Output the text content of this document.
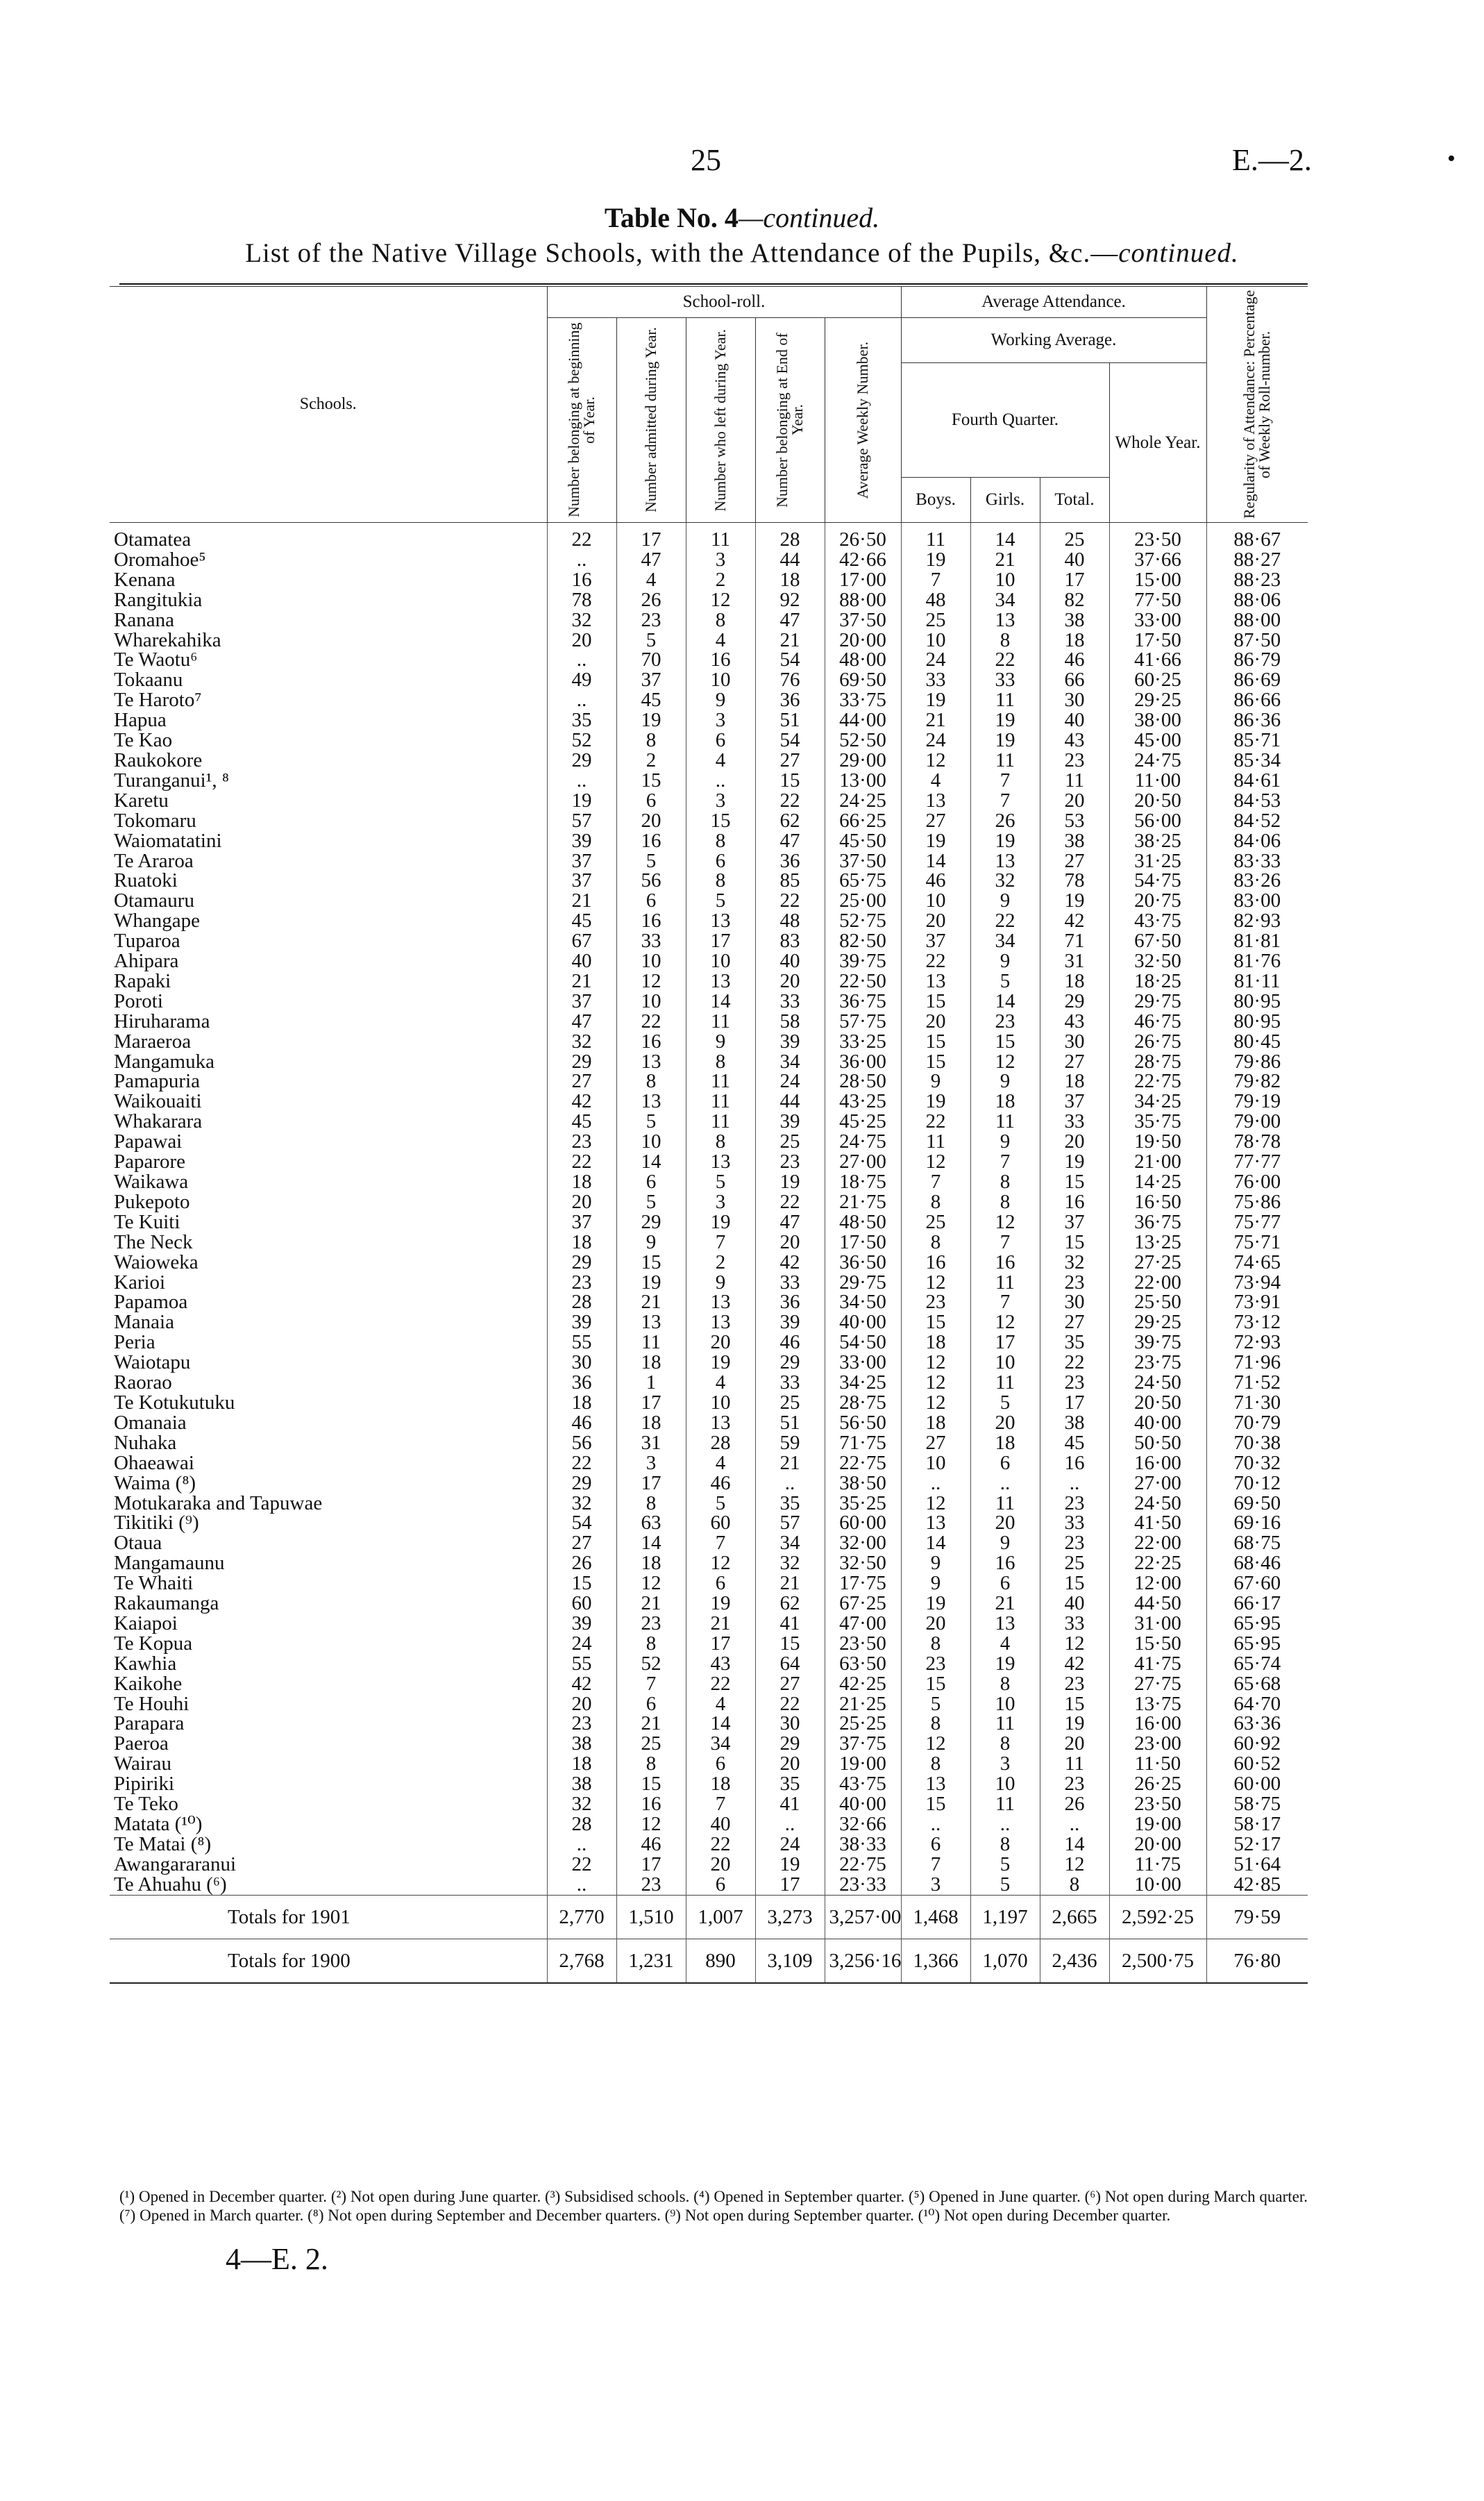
25	E.—2.	•
Table No. 4—continued.
List of the Native Village Schools, with the Attendance of the Pupils, &c.—continued.
Schools.	School-roll.					Average Attendance.				Regularity of Attendance: Percentage of Weekly Roll-number.

	Number belonging at beginning of Year.	Number admitted during Year.	Number who left during Year.	Number belonging at End of Year.	Average Weekly Number.	Working Average.				
						Fourth Quarter.			Whole Year.	
						Boys.	Girls.	Total.		
Otamatea	22	17	11	28	26·50	11	14	25	23·50	88·67
Oromahoe⁵	..	47	3	44	42·66	19	21	40	37·66	88·27
Kenana	16	4	2	18	17·00	7	10	17	15·00	88·23
Rangitukia	78	26	12	92	88·00	48	34	82	77·50	88·06
Ranana	32	23	8	47	37·50	25	13	38	33·00	88·00
Wharekahika	20	5	4	21	20·00	10	8	18	17·50	87·50
Te Waotu⁶	..	70	16	54	48·00	24	22	46	41·66	86·79
Tokaanu	49	37	10	76	69·50	33	33	66	60·25	86·69
Te Haroto⁷	..	45	9	36	33·75	19	11	30	29·25	86·66
Hapua	35	19	3	51	44·00	21	19	40	38·00	86·36
Te Kao	52	8	6	54	52·50	24	19	43	45·00	85·71
Raukokore	29	2	4	27	29·00	12	11	23	24·75	85·34
Turanganui¹, ⁸	..	15	..	15	13·00	4	7	11	11·00	84·61
Karetu	19	6	3	22	24·25	13	7	20	20·50	84·53
Tokomaru	57	20	15	62	66·25	27	26	53	56·00	84·52
Waiomatatini	39	16	8	47	45·50	19	19	38	38·25	84·06
Te Araroa	37	5	6	36	37·50	14	13	27	31·25	83·33
Ruatoki	37	56	8	85	65·75	46	32	78	54·75	83·26
Otamauru	21	6	5	22	25·00	10	9	19	20·75	83·00
Whangape	45	16	13	48	52·75	20	22	42	43·75	82·93
Tuparoa	67	33	17	83	82·50	37	34	71	67·50	81·81
Ahipara	40	10	10	40	39·75	22	9	31	32·50	81·76
Rapaki	21	12	13	20	22·50	13	5	18	18·25	81·11
Poroti	37	10	14	33	36·75	15	14	29	29·75	80·95
Hiruharama	47	22	11	58	57·75	20	23	43	46·75	80·95
Maraeroa	32	16	9	39	33·25	15	15	30	26·75	80·45
Mangamuka	29	13	8	34	36·00	15	12	27	28·75	79·86
Pamapuria	27	8	11	24	28·50	9	9	18	22·75	79·82
Waikouaiti	42	13	11	44	43·25	19	18	37	34·25	79·19
Whakarara	45	5	11	39	45·25	22	11	33	35·75	79·00
Papawai	23	10	8	25	24·75	11	9	20	19·50	78·78
Paparore	22	14	13	23	27·00	12	7	19	21·00	77·77
Waikawa	18	6	5	19	18·75	7	8	15	14·25	76·00
Pukepoto	20	5	3	22	21·75	8	8	16	16·50	75·86
Te Kuiti	37	29	19	47	48·50	25	12	37	36·75	75·77
The Neck	18	9	7	20	17·50	8	7	15	13·25	75·71
Waioweka	29	15	2	42	36·50	16	16	32	27·25	74·65
Karioi	23	19	9	33	29·75	12	11	23	22·00	73·94
Papamoa	28	21	13	36	34·50	23	7	30	25·50	73·91
Manaia	39	13	13	39	40·00	15	12	27	29·25	73·12
Peria	55	11	20	46	54·50	18	17	35	39·75	72·93
Waiotapu	30	18	19	29	33·00	12	10	22	23·75	71·96
Raorao	36	1	4	33	34·25	12	11	23	24·50	71·52
Te Kotukutuku	18	17	10	25	28·75	12	5	17	20·50	71·30
Omanaia	46	18	13	51	56·50	18	20	38	40·00	70·79
Nuhaka	56	31	28	59	71·75	27	18	45	50·50	70·38
Ohaeawai	22	3	4	21	22·75	10	6	16	16·00	70·32
Waima (⁸)	29	17	46	..	38·50	..	..	..	27·00	70·12
Motukaraka and Tapuwae	32	8	5	35	35·25	12	11	23	24·50	69·50
Tikitiki (⁹)	54	63	60	57	60·00	13	20	33	41·50	69·16
Otaua	27	14	7	34	32·00	14	9	23	22·00	68·75
Mangamaunu	26	18	12	32	32·50	9	16	25	22·25	68·46
Te Whaiti	15	12	6	21	17·75	9	6	15	12·00	67·60
Rakaumanga	60	21	19	62	67·25	19	21	40	44·50	66·17
Kaiapoi	39	23	21	41	47·00	20	13	33	31·00	65·95
Te Kopua	24	8	17	15	23·50	8	4	12	15·50	65·95
Kawhia	55	52	43	64	63·50	23	19	42	41·75	65·74
Kaikohe	42	7	22	27	42·25	15	8	23	27·75	65·68
Te Houhi	20	6	4	22	21·25	5	10	15	13·75	64·70
Parapara	23	21	14	30	25·25	8	11	19	16·00	63·36
Paeroa	38	25	34	29	37·75	12	8	20	23·00	60·92
Wairau	18	8	6	20	19·00	8	3	11	11·50	60·52
Pipiriki	38	15	18	35	43·75	13	10	23	26·25	60·00
Te Teko	32	16	7	41	40·00	15	11	26	23·50	58·75
Matata (¹⁰)	28	12	40	..	32·66	..	..	..	19·00	58·17
Te Matai (⁸)	..	46	22	24	38·33	6	8	14	20·00	52·17
Awangararanui	22	17	20	19	22·75	7	5	12	11·75	51·64
Te Ahuahu (⁶)	..	23	6	17	23·33	3	5	8	10·00	42·85
Totals for 1901	2,770	1,510	1,007	3,273	3,257·00	1,468	1,197	2,665	2,592·25	79·59
Totals for 1900	2,768	1,231	890	3,109	3,256·16	1,366	1,070	2,436	2,500·75	76·80
(¹) Opened in December quarter. (²) Not open during June quarter. (³) Subsidised schools. (⁴) Opened in September quarter. (⁵) Opened in June quarter. (⁶) Not open during March quarter. (⁷) Opened in March quarter. (⁸) Not open during September and December quarters. (⁹) Not open during September quarter. (¹⁰) Not open during December quarter.
4—E. 2.
